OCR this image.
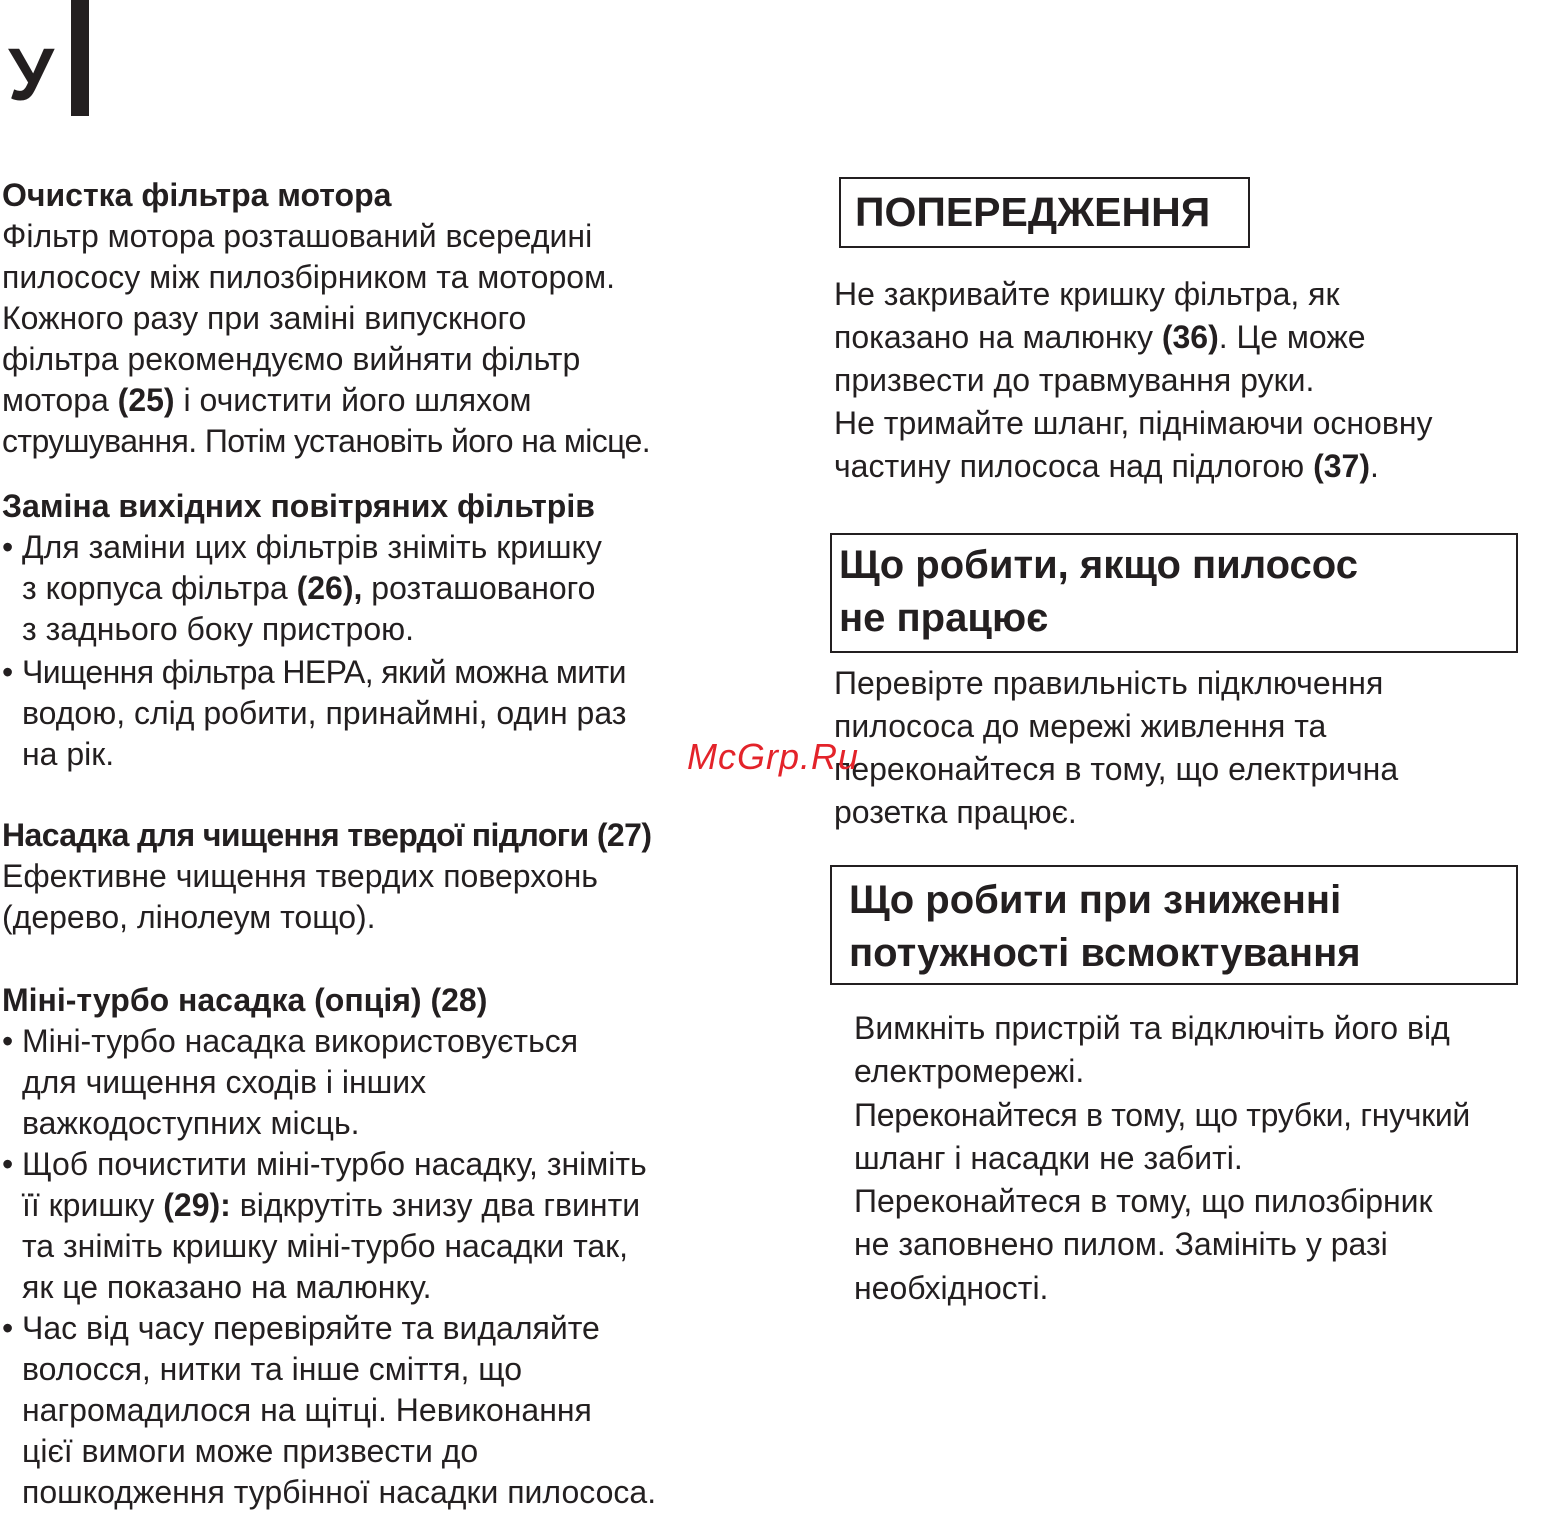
У
Очистка фільтра мотора
Фільтр мотора розташований всередині
пилососу між пилозбірником та мотором.
Кожного разу при заміні випускного
фільтра рекомендуємо вийняти фільтр
мотора (25) і очистити його шляхом
струшування. Потім установіть його на місце.
Заміна вихідних повітряних фільтрів
• Для заміни цих фільтрів зніміть кришку
з корпуса фільтра (26), розташованого
з заднього боку пристрою.
• Чищення фільтра HEPA, який можна мити
водою, слід робити, принаймні, один раз
на рік.
Насадка для чищення твердої підлоги (27)
Ефективне чищення твердих поверхонь
(дерево, лінолеум тощо).
Міні-турбо насадка (опція) (28)
• Міні-турбо насадка використовується
для чищення сходів і інших
важкодоступних місць.
• Щоб почистити міні-турбо насадку, зніміть
її кришку (29): відкрутіть знизу два гвинти
та зніміть кришку міні-турбо насадки так,
як це показано на малюнку.
• Час від часу перевіряйте та видаляйте
волосся, нитки та інше сміття, що
нагромадилося на щітці. Невиконання
цієї вимоги може призвести до
пошкодження турбінної насадки пилососа.
ПОПЕРЕДЖЕННЯ
Не закривайте кришку фільтра, як
показано на малюнку (36). Це може
призвести до травмування руки.
Не тримайте шланг, піднімаючи основну
частину пилососа над підлогою (37).
Що робити, якщо пилосос
не працює
Перевірте правильність підключення
пилососа до мережі живлення та
переконайтеся в тому, що електрична
розетка працює.
Що робити при зниженні
потужності всмоктування
Вимкніть пристрій та відключіть його від
електромережі.
Переконайтеся в тому, що трубки, гнучкий
шланг і насадки не забиті.
Переконайтеся в тому, що пилозбірник
не заповнено пилом. Замініть у разі
необхідності.
McGrp.Ru
